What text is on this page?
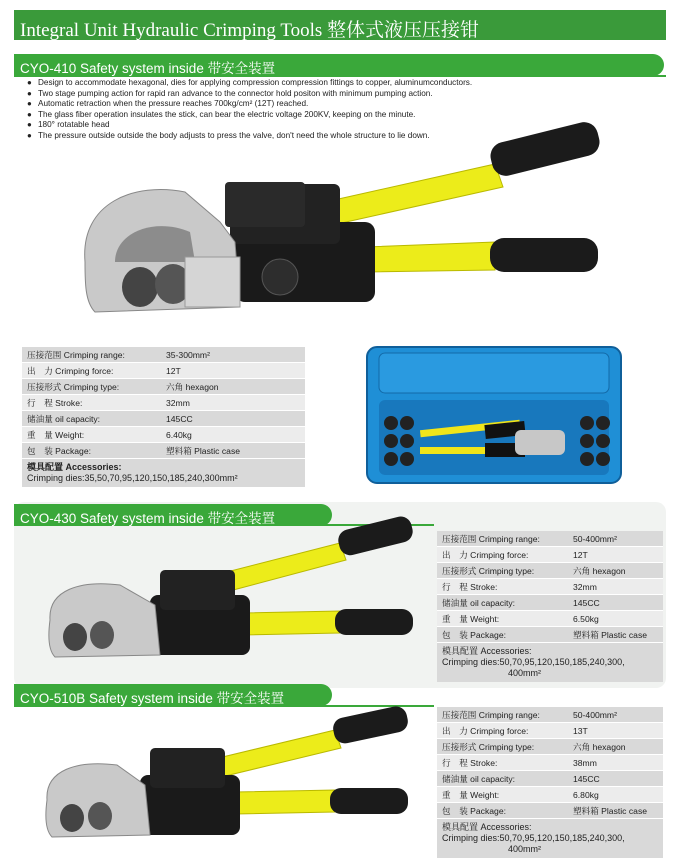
Integral Unit Hydraulic Crimping Tools 整体式液压压接钳
CYO-410 Safety system inside 带安全装置
● Design to accommodate hexagonal, dies for applying compression compression fittings to copper, aluminumconductors.
● Two stage pumping action for rapid ran advance to the connector hold positon with minimum pumping action.
● Automatic retraction when the pressure reaches 700kg/cm² (12T) reached.
● The glass fiber operation insulates the stick, can bear the electric voltage 200KV, keeping on the minute.
● 180° rotatable head
● The pressure outside outside the body adjusts to press the valve, don't need the whole structure to lie down.
压接范围 Crimping range:	35-300mm²
出　力 Crimping force:	12T
压接形式 Crimping type:	六角 hexagon
行　程 Stroke:	32mm
储油量 oil capacity:	145CC
重　量 Weight:	6.40kg
包　装 Package:	塑料箱 Plastic case
模具配置 Accessories:
Crimping dies:35,50,70,95,120,150,185,240,300mm²
CYO-430 Safety system inside 带安全装置
压接范围 Crimping range:	50-400mm²
出　力 Crimping force:	12T
压接形式 Crimping type:	六角 hexagon
行　程 Stroke:	32mm
储油量 oil capacity:	145CC
重　量 Weight:	6.50kg
包　装 Package:	塑料箱 Plastic case
模具配置 Accessories:
Crimping dies:50,70,95,120,150,185,240,300,
400mm²
CYO-510B Safety system inside 带安全装置
压接范围 Crimping range:	50-400mm²
出　力 Crimping force:	13T
压接形式 Crimping type:	六角 hexagon
行　程 Stroke:	38mm
储油量 oil capacity:	145CC
重　量 Weight:	6.80kg
包　装 Package:	塑料箱 Plastic case
模具配置 Accessories:
Crimping dies:50,70,95,120,150,185,240,300,
400mm²
